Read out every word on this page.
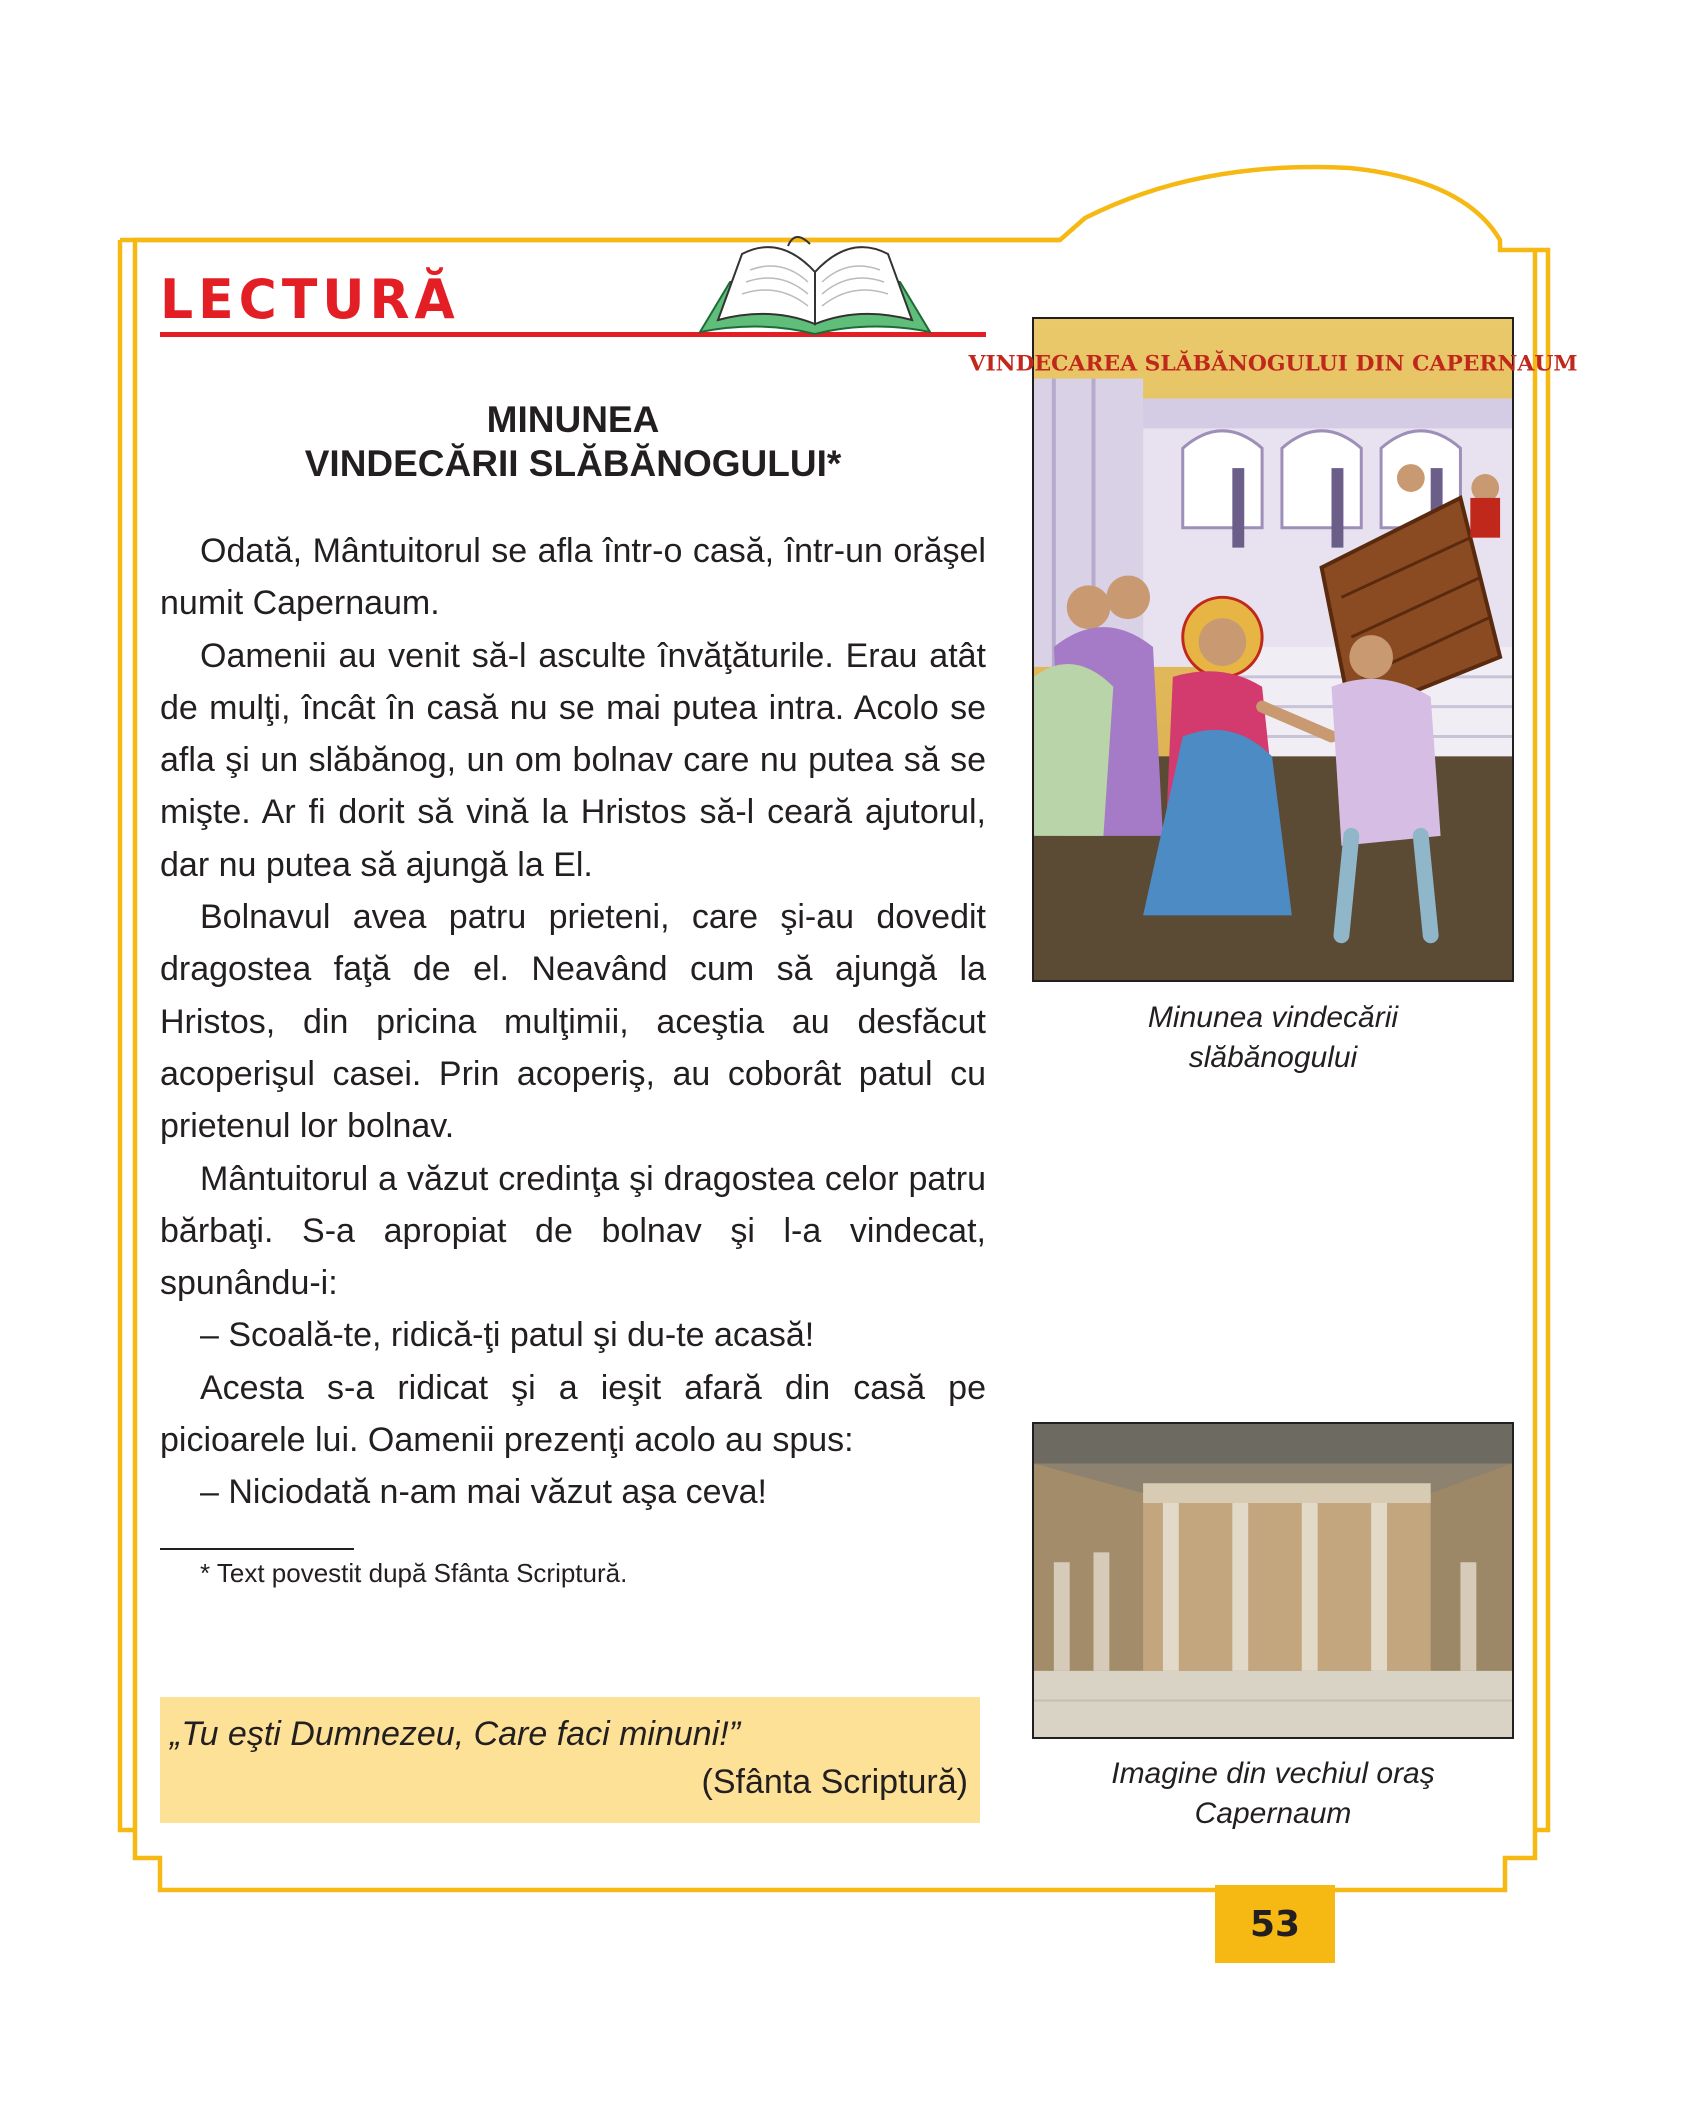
LECTURĂ
MINUNEA
VINDECĂRII SLĂBĂNOGULUI*

Odată, Mântuitorul se afla într-o casă, într-un orăşel numit Capernaum.

Oamenii au venit să-l asculte învăţăturile. Erau atât de mulţi, încât în casă nu se mai putea intra. Acolo se afla şi un slăbănog, un om bolnav care nu putea să se mişte. Ar fi dorit să vină la Hristos să-l ceară ajutorul, dar nu putea să ajungă la El.

Bolnavul avea patru prieteni, care şi-au dovedit dragostea faţă de el. Neavând cum să ajungă la Hristos, din pricina mulţimii, aceştia au desfăcut acoperişul casei. Prin acoperiş, au coborât patul cu prietenul lor bolnav.

Mântuitorul a văzut credinţa şi dragostea celor patru bărbaţi. S-a apropiat de bolnav şi l-a vindecat, spunându-i:

– Scoală-te, ridică-ţi patul şi du-te acasă!

Acesta s-a ridicat şi a ieşit afară din casă pe picioarele lui. Oamenii prezenţi acolo au spus:

– Niciodată n-am mai văzut aşa ceva!

* Text povestit după Sfânta Scriptură.
„Tu eşti Dumnezeu, Care faci minuni!”
(Sfânta Scriptură)
VINDECAREA SLĂBĂNOGULUI DIN CAPERNAUM
Minunea vindecării
slăbănogului
Imagine din vechiul oraş
Capernaum
53
